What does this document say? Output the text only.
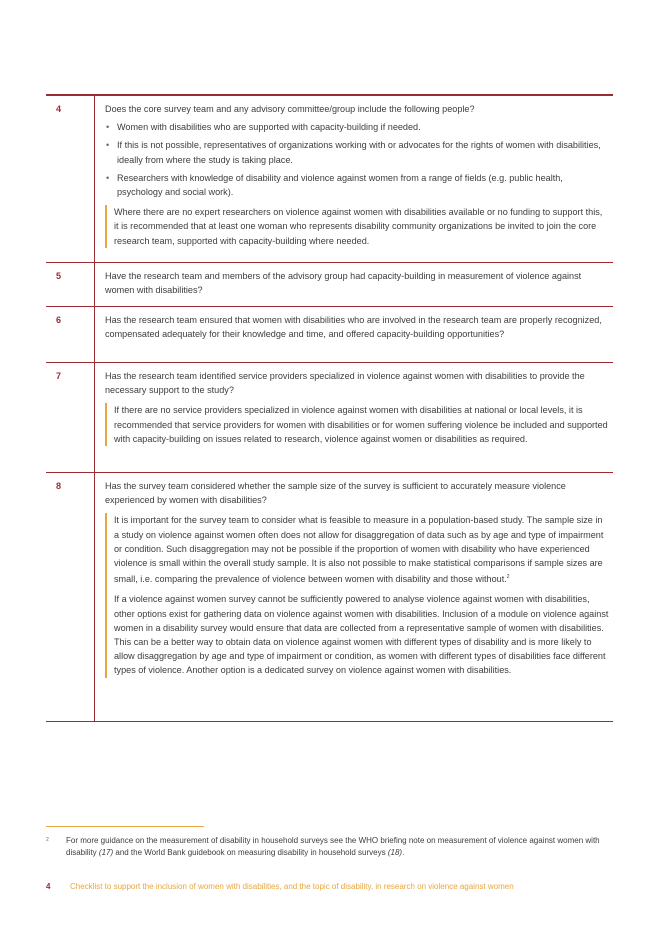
4	Does the core survey team and any advisory committee/group include the following people?

• Women with disabilities who are supported with capacity-building if needed.
• If this is not possible, representatives of organizations working with or advocates for the rights of women with disabilities, ideally from where the study is taking place.
• Researchers with knowledge of disability and violence against women from a range of fields (e.g. public health, psychology and social work).

Where there are no expert researchers on violence against women with disabilities available or no funding to support this, it is recommended that at least one woman who represents disability community organizations be invited to join the core research team, supported with capacity-building where needed.

5	Have the research team and members of the advisory group had capacity-building in measurement of violence against women with disabilities?

6	Has the research team ensured that women with disabilities who are involved in the research team are properly recognized, compensated adequately for their knowledge and time, and offered capacity-building opportunities?

7	Has the research team identified service providers specialized in violence against women with disabilities to provide the necessary support to the study?

If there are no service providers specialized in violence against women with disabilities at national or local levels, it is recommended that service providers for women with disabilities or for women suffering violence be included and supported with capacity-building on issues related to research, violence against women or disabilities as required.

8	Has the survey team considered whether the sample size of the survey is sufficient to accurately measure violence experienced by women with disabilities?

It is important for the survey team to consider what is feasible to measure in a population-based study. The sample size in a study on violence against women often does not allow for disaggregation of data such as by age and type of impairment or condition. Such disaggregation may not be possible if the proportion of women with disability who have experienced violence is small within the overall study sample. It is also not possible to make statistical comparisons if sample sizes are small, i.e. comparing the prevalence of violence between women with disability and those without.$^2$

If a violence against women survey cannot be sufficiently powered to analyse violence against women with disabilities, other options exist for gathering data on violence against women with disabilities. Inclusion of a module on violence against women in a disability survey would ensure that data are collected from a representative sample of women with disabilities. This can be a better way to obtain data on violence against women with different types of disability and is more likely to allow disaggregation by age and type of impairment or condition, as women with different types of disabilities face different types of violence. Another option is a dedicated survey on violence against women with disabilities.

2	For more guidance on the measurement of disability in household surveys see the WHO briefing note on measurement of violence against women with disability (17) and the World Bank guidebook on measuring disability in household surveys (18).
4	Checklist to support the inclusion of women with disabilities, and the topic of disability, in research on violence against women
